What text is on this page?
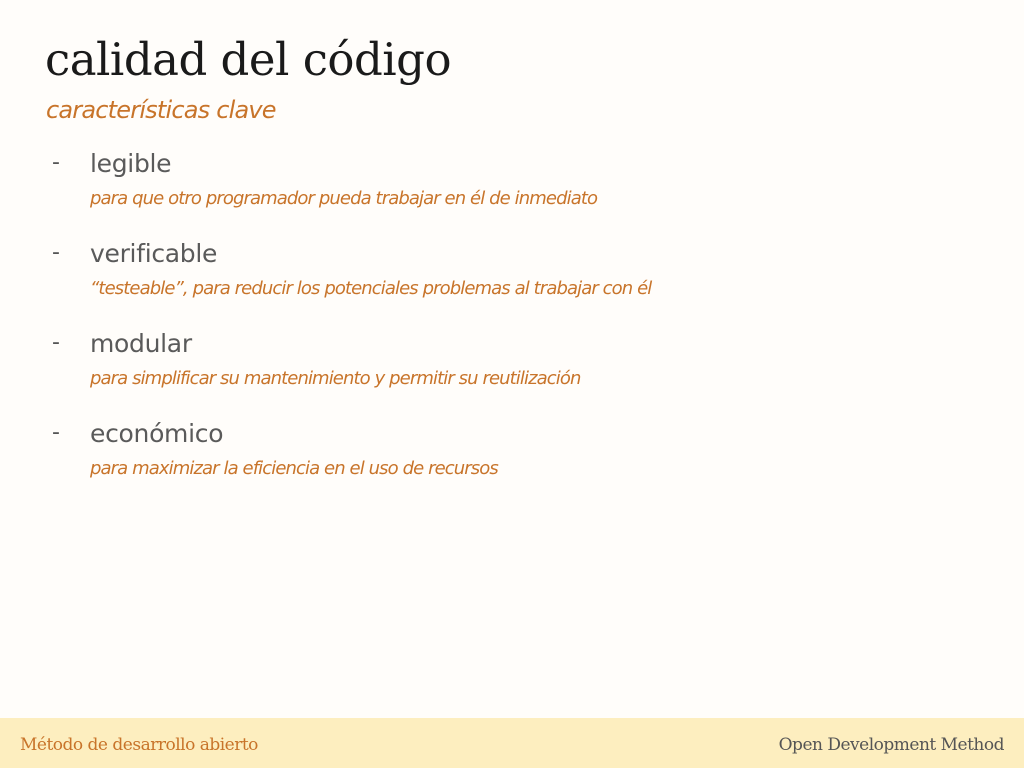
calidad del código
características clave
- legible
para que otro programador pueda trabajar en él de inmediato
- verificable
“testeable”, para reducir los potenciales problemas al trabajar con él
- modular
para simplificar su mantenimiento y permitir su reutilización
- económico
para maximizar la eficiencia en el uso de recursos
Método de desarrollo abierto	Open Development Method
